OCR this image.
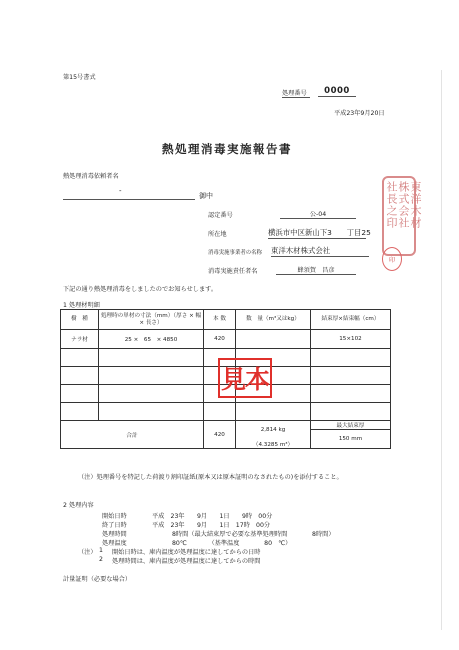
第15号書式
処理番号	0000
平成23年9月20日
熱処理消毒実施報告書
熱処理消毒依頼者名
-
御中
認定番号	公-04
所在地	横浜市中区新山下3　　丁目25
消毒実施事業者の名称 東洋木材株式会社
消毒実施責任者名	蜂須賀　昌彦
東洋木材
株式会社
社長之印
印
下記の通り熱処理消毒をしましたのでお知らせします。
1 処理材明細
樹　種	処理時の単材の寸法（mm）（厚さ × 幅 × 長さ）	本 数	数　量（m³又はkg）	結束厚×結束幅（cm）
ナラ材	25 ×　65　× 4850	420		15×102

合計		420	2,814 kg	最大結束厚
				150 mm
			（4.3285 m³）	
見本
（注）処理番号を特記した荷渡り割印証紙(原本又は原本証明のなされたもの)を添付すること。
2 処理内容
開始日時	平成　23年　　9月　　1日　　9時　00分
終了日時	平成　23年　　9月　　1日　17時　00分
処理時間	8時間（最大結束厚で必要な基準処理時間　　　　8時間）
処理温度	80℃　　　　（基準温度　　　　80　℃）
（注） 1 開始日時は、庫内温度が処理温度に達してからの日時
2 処理時間は、庫内温度が処理温度に達してからの時間
計量証明（必要な場合）
